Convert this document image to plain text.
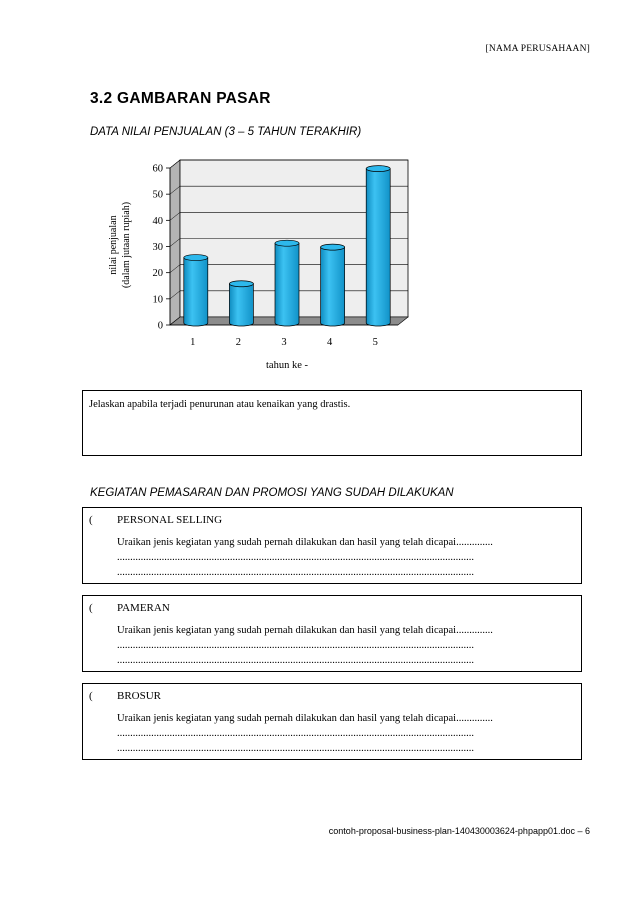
[NAMA PERUSAHAAN]
3.2 GAMBARAN PASAR
DATA NILAI PENJUALAN (3 – 5 TAHUN TERAKHIR)
0
10
20
30
40
50
60
1	2	3	4	5
tahun ke -
nilai penjualan (dalam jutaan rupiah)
Jelaskan apabila terjadi penurunan atau kenaikan yang drastis.
KEGIATAN PEMASARAN DAN PROMOSI YANG SUDAH DILAKUKAN
( PERSONAL SELLING
Uraikan jenis kegiatan yang sudah pernah dilakukan dan hasil yang telah dicapai..............
........................................................................................................................................
........................................................................................................................................
( PAMERAN
Uraikan jenis kegiatan yang sudah pernah dilakukan dan hasil yang telah dicapai..............
........................................................................................................................................
........................................................................................................................................
( BROSUR
Uraikan jenis kegiatan yang sudah pernah dilakukan dan hasil yang telah dicapai..............
........................................................................................................................................
........................................................................................................................................
contoh-proposal-business-plan-140430003624-phpapp01.doc – 6
